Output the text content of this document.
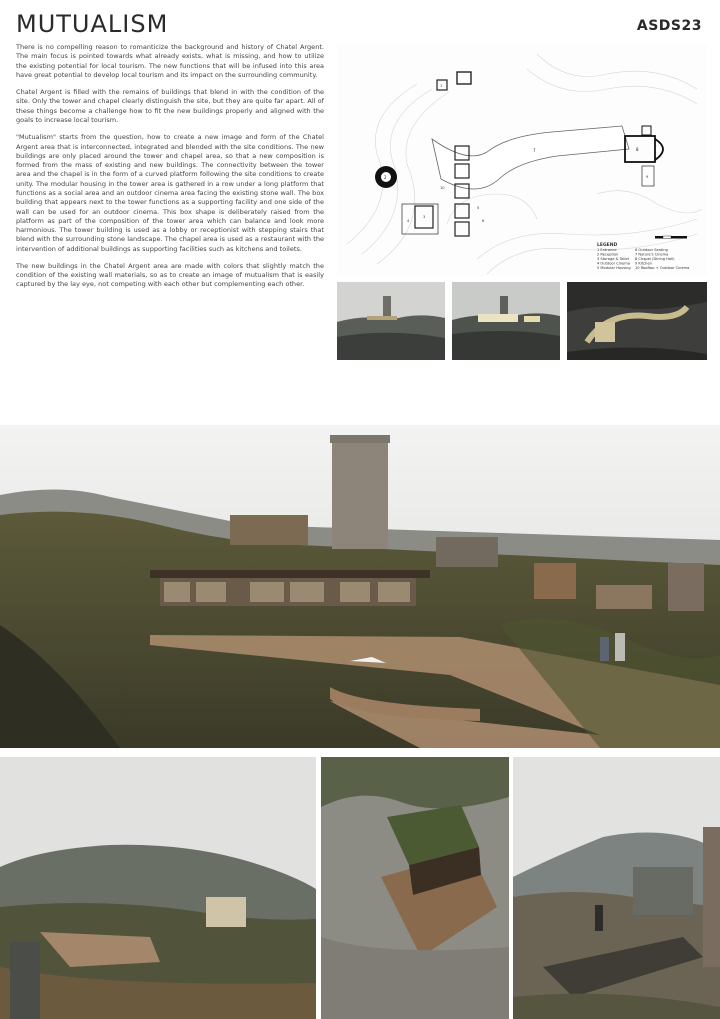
MUTUALISM	ASDS23

There is no compelling reason to romanticize the background and history of Chatel Argent. The main focus is pointed towards what already exists, what is missing, and how to utilize the existing potential for local tourism. The new functions that will be infused into this area have great potential to develop local tourism and its impact on the surrounding community.

Chatel Argent is filled with the remains of buildings that blend in with the condition of the site. Only the tower and chapel clearly distinguish the site, but they are quite far apart. All of these things become a challenge how to fit the new buildings properly and aligned with the goals to increase local tourism.

"Mutualism" starts from the question, how to create a new image and form of the Chatel Argent area that is interconnected, integrated and blended with the site conditions. The new buildings are only placed around the tower and chapel area, so that a new composition is formed from the mass of existing and new buildings. The connectivity between the tower area and the chapel is in the form of a curved platform following the site conditions to create unity. The modular housing in the tower area is gathered in a row under a long platform that functions as a social area and an outdoor cinema area facing the existing stone wall. The box building that appears next to the tower functions as a supporting facility and one side of the wall can be used for an outdoor cinema. This box shape is deliberately raised from the platform as part of the composition of the tower area which can balance and look more harmonious. The tower building is used as a lobby or receptionist with stepping stairs that blend with the surrounding stone landscape. The chapel area is used as a restaurant with the intervention of additional buildings as supporting facilities such as kitchens and toilets.

The new buildings in the Chatel Argent area are made with colors that slightly match the condition of the existing wall materials, so as to create an image of mutualism that is easily captured by the lay eye, not competing with each other but complementing each other.

7
1
10
4
3
2
5
6
8
9
LEGEND
1 Entrance
2 Reception
3 Storage & Toilet
4 Outdoor Cinema
5 Modular Housing
6 Outdoor Seating
7 Nature's Cinema
8 Chapel (Dining Hall)
9 Kitchen
10 Rooftop + Outdoor Cinema
